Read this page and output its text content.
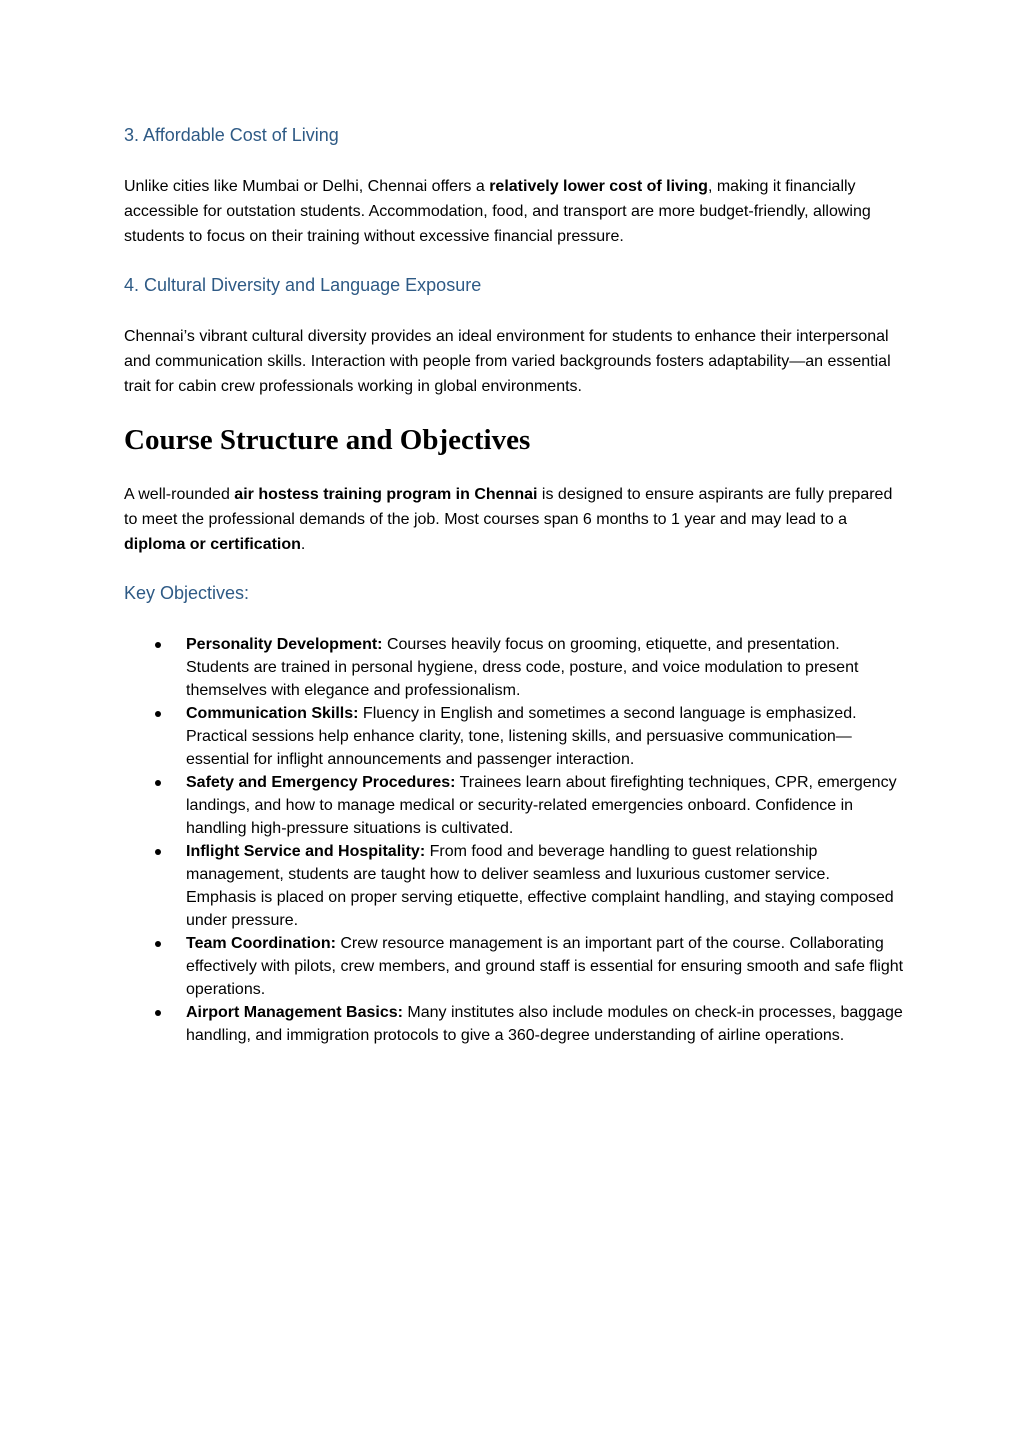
3. Affordable Cost of Living

Unlike cities like Mumbai or Delhi, Chennai offers a relatively lower cost of living, making it financially accessible for outstation students. Accommodation, food, and transport are more budget-friendly, allowing students to focus on their training without excessive financial pressure.

4. Cultural Diversity and Language Exposure

Chennai’s vibrant cultural diversity provides an ideal environment for students to enhance their interpersonal and communication skills. Interaction with people from varied backgrounds fosters adaptability—an essential trait for cabin crew professionals working in global environments.

Course Structure and Objectives

A well-rounded air hostess training program in Chennai is designed to ensure aspirants are fully prepared to meet the professional demands of the job. Most courses span 6 months to 1 year and may lead to a diploma or certification.

Key Objectives:
Personality Development: Courses heavily focus on grooming, etiquette, and presentation. Students are trained in personal hygiene, dress code, posture, and voice modulation to present themselves with elegance and professionalism.
Communication Skills: Fluency in English and sometimes a second language is emphasized. Practical sessions help enhance clarity, tone, listening skills, and persuasive communication—essential for inflight announcements and passenger interaction.
Safety and Emergency Procedures: Trainees learn about firefighting techniques, CPR, emergency landings, and how to manage medical or security-related emergencies onboard. Confidence in handling high-pressure situations is cultivated.
Inflight Service and Hospitality: From food and beverage handling to guest relationship management, students are taught how to deliver seamless and luxurious customer service. Emphasis is placed on proper serving etiquette, effective complaint handling, and staying composed under pressure.
Team Coordination: Crew resource management is an important part of the course. Collaborating effectively with pilots, crew members, and ground staff is essential for ensuring smooth and safe flight operations.
Airport Management Basics: Many institutes also include modules on check-in processes, baggage handling, and immigration protocols to give a 360-degree understanding of airline operations.
